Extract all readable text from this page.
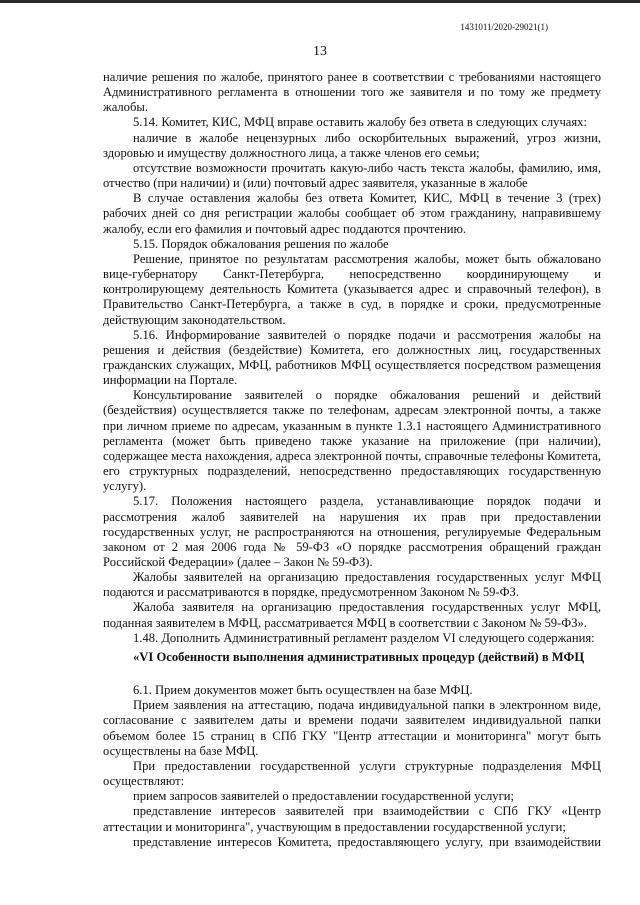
1431011/2020-29021(1)
13

наличие решения по жалобе, принятого ранее в соответствии с требованиями настоящего Административного регламента в отношении того же заявителя и по тому же предмету жалобы.

5.14. Комитет, КИС, МФЦ вправе оставить жалобу без ответа в следующих случаях:

наличие в жалобе нецензурных либо оскорбительных выражений, угроз жизни, здоровью и имуществу должностного лица, а также членов его семьи;

отсутствие возможности прочитать какую-либо часть текста жалобы, фамилию, имя, отчество (при наличии) и (или) почтовый адрес заявителя, указанные в жалобе

В случае оставления жалобы без ответа Комитет, КИС, МФЦ в течение 3 (трех) рабочих дней со дня регистрации жалобы сообщает об этом гражданину, направившему жалобу, если его фамилия и почтовый адрес поддаются прочтению.

5.15. Порядок обжалования решения по жалобе

Решение, принятое по результатам рассмотрения жалобы, может быть обжаловано вице-губернатору Санкт-Петербурга, непосредственно координирующему и контролирующему деятельность Комитета (указывается адрес и справочный телефон), в Правительство Санкт-Петербурга, а также в суд, в порядке и сроки, предусмотренные действующим законодательством.

5.16. Информирование заявителей о порядке подачи и рассмотрения жалобы на решения и действия (бездействие) Комитета, его должностных лиц, государственных гражданских служащих, МФЦ, работников МФЦ осуществляется посредством размещения информации на Портале.

Консультирование заявителей о порядке обжалования решений и действий (бездействия) осуществляется также по телефонам, адресам электронной почты, а также при личном приеме по адресам, указанным в пункте 1.3.1 настоящего Административного регламента (может быть приведено также указание на приложение (при наличии), содержащее места нахождения, адреса электронной почты, справочные телефоны Комитета, его структурных подразделений, непосредственно предоставляющих государственную услугу).

5.17. Положения настоящего раздела, устанавливающие порядок подачи и рассмотрения жалоб заявителей на нарушения их прав при предоставлении государственных услуг, не распространяются на отношения, регулируемые Федеральным законом от 2 мая 2006 года № 59-ФЗ «О порядке рассмотрения обращений граждан Российской Федерации» (далее – Закон № 59-ФЗ).

Жалобы заявителей на организацию предоставления государственных услуг МФЦ подаются и рассматриваются в порядке, предусмотренном Законом № 59-ФЗ.

Жалоба заявителя на организацию предоставления государственных услуг МФЦ, поданная заявителем в МФЦ, рассматривается МФЦ в соответствии с Законом № 59-ФЗ».

1.48. Дополнить Административный регламент разделом VI следующего содержания:

«VI Особенности выполнения административных процедур (действий) в МФЦ

6.1. Прием документов может быть осуществлен на базе МФЦ.

Прием заявления на аттестацию, подача индивидуальной папки в электронном виде, согласование с заявителем даты и времени подачи заявителем индивидуальной папки объемом более 15 страниц в СПб ГКУ "Центр аттестации и мониторинга" могут быть осуществлены на базе МФЦ.

При предоставлении государственной услуги структурные подразделения МФЦ осуществляют:

прием запросов заявителей о предоставлении государственной услуги;

представление интересов заявителей при взаимодействии с СПб ГКУ «Центр аттестации и мониторинга", участвующим в предоставлении государственной услуги;

представление интересов Комитета, предоставляющего услугу, при взаимодействии
